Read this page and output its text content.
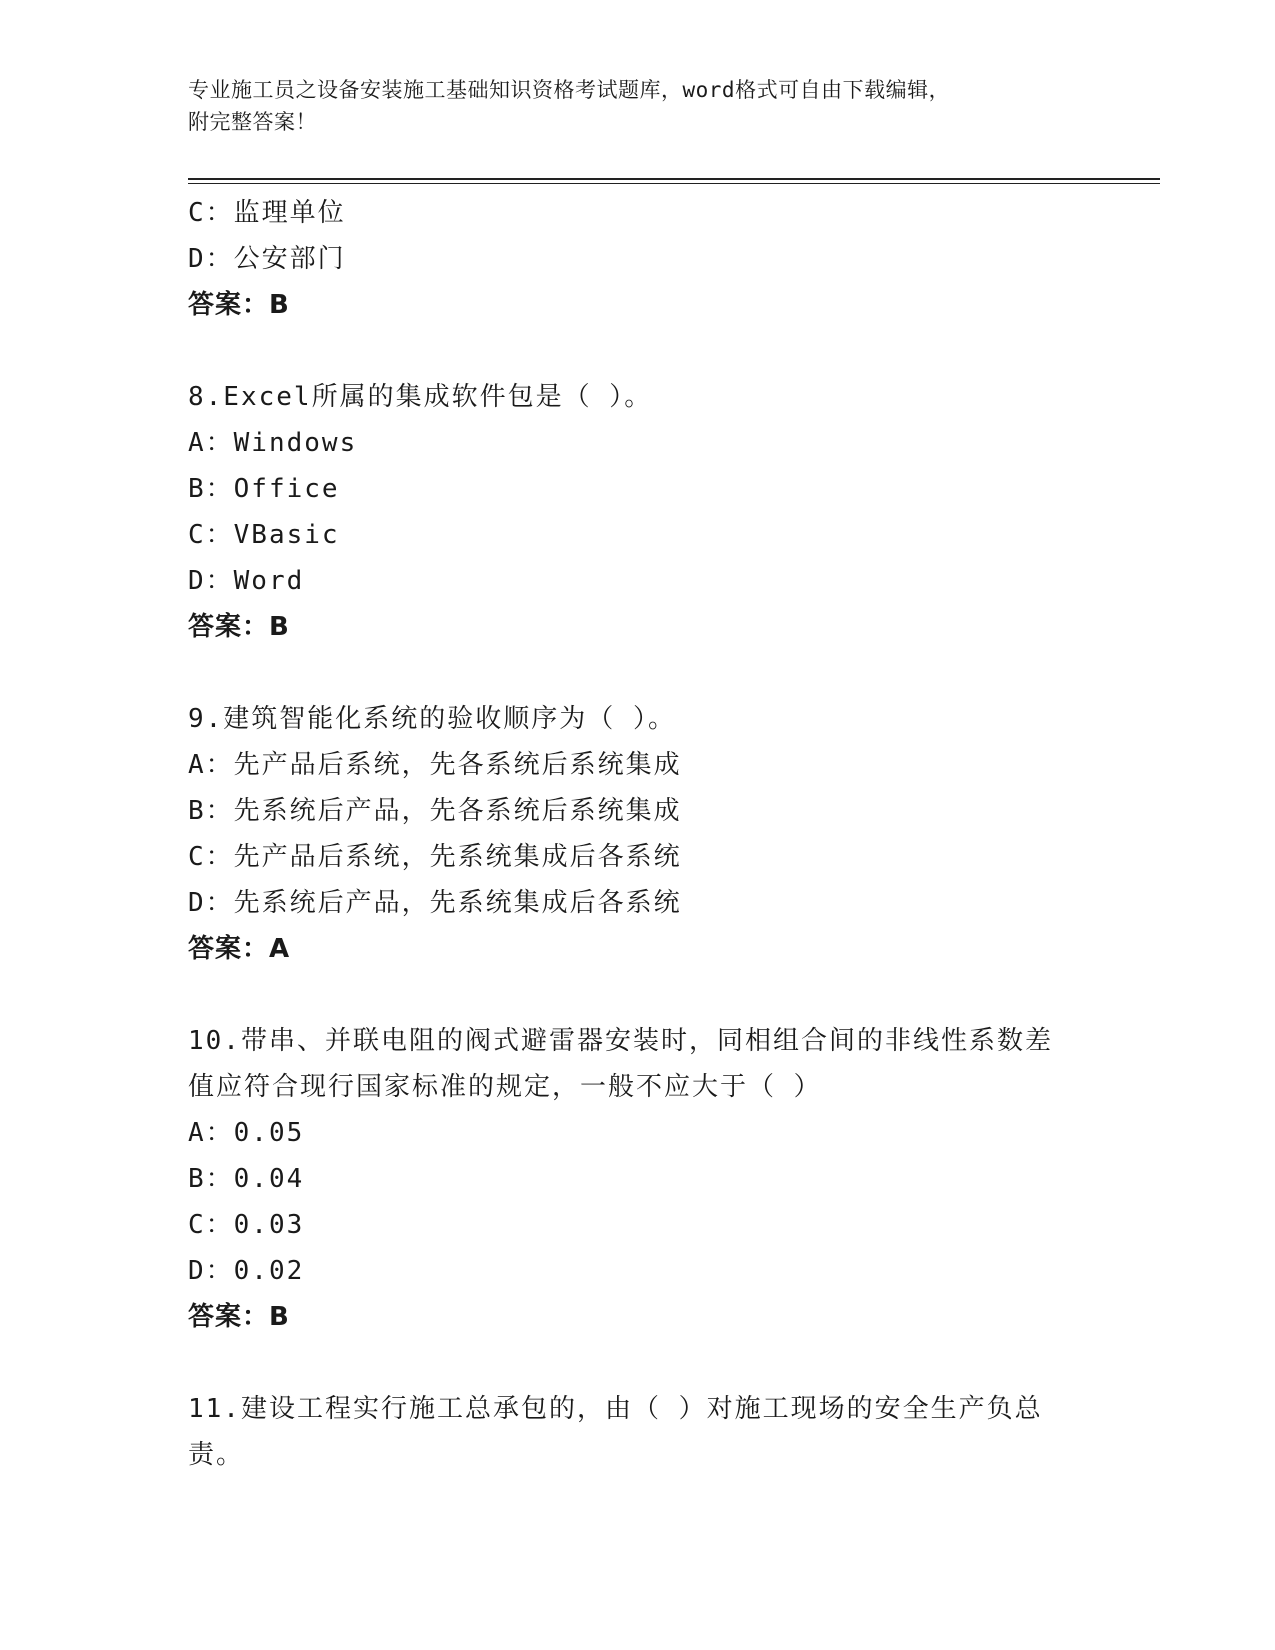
专业施工员之设备安装施工基础知识资格考试题库，word格式可自由下载编辑，
附完整答案！
C：监理单位
D：公安部门
答案：B
8.Excel所属的集成软件包是（ ）。
A：Windows
B：Office
C：VBasic
D：Word
答案：B
9.建筑智能化系统的验收顺序为（ ）。
A：先产品后系统，先各系统后系统集成
B：先系统后产品，先各系统后系统集成
C：先产品后系统，先系统集成后各系统
D：先系统后产品，先系统集成后各系统
答案：A
10.带串、并联电阻的阀式避雷器安装时，同相组合间的非线性系数差
值应符合现行国家标准的规定，一般不应大于（ ）
A：0.05
B：0.04
C：0.03
D：0.02
答案：B
11.建设工程实行施工总承包的，由（ ）对施工现场的安全生产负总
责。
